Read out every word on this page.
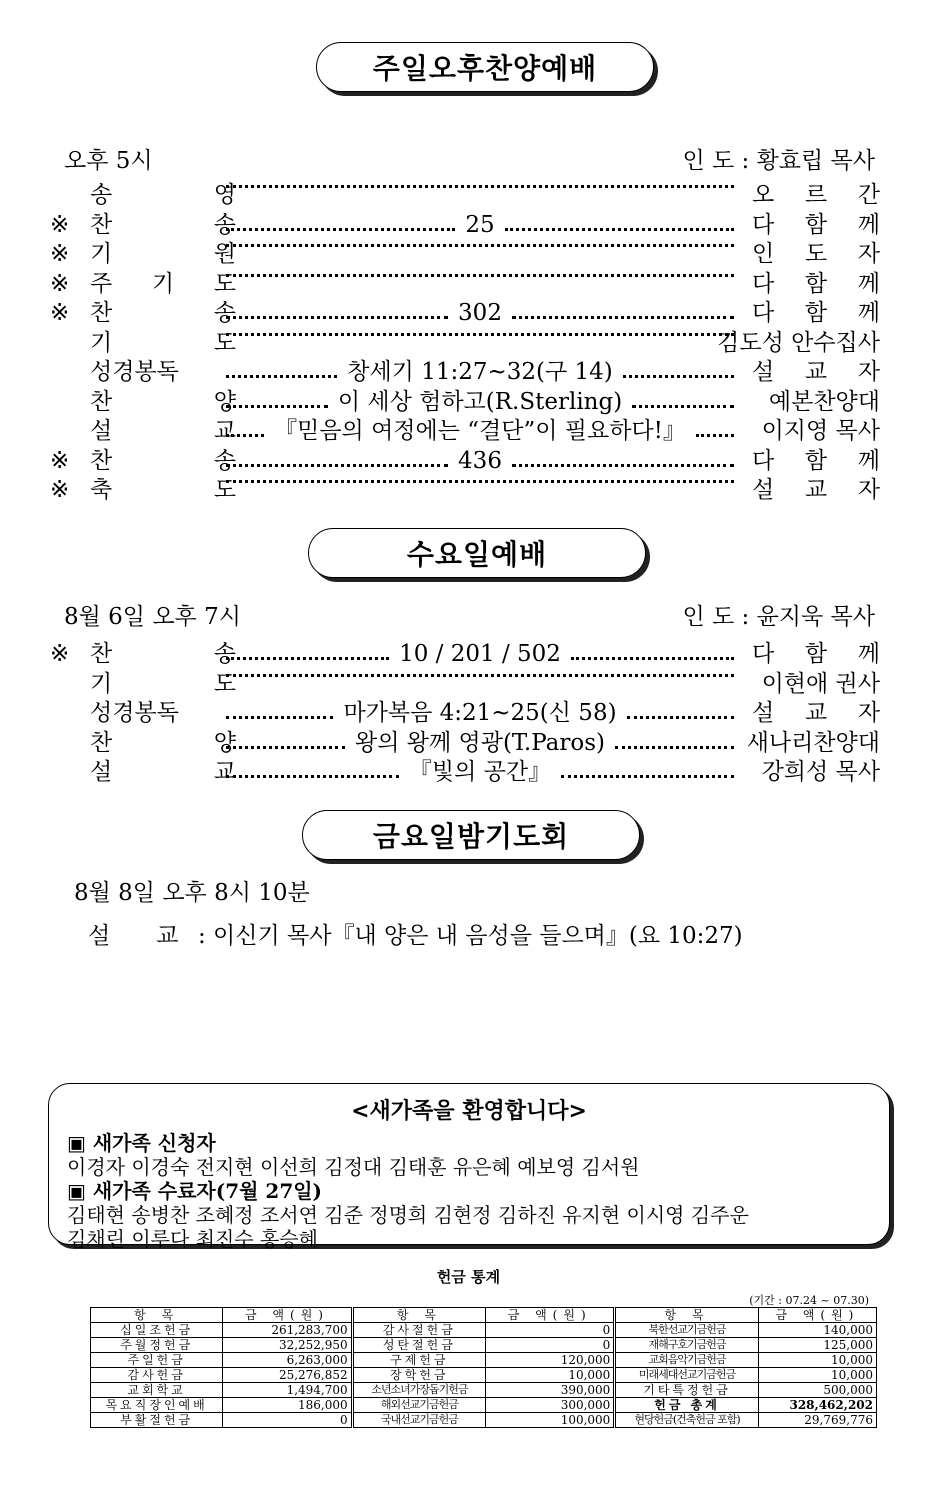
주일오후찬양예배
오후 5시	인 도 : 황효립 목사
송	영	오 르 간
※ 찬	송	25	다 함 께
※ 기	원	인 도 자
※ 주 기 도	다 함 께
※ 찬	송	302	다 함 께
기	도	김도성 안수집사
성 경 봉 독	창세기 11:27~32(구 14)	설 교 자
찬	양	이 세상 험하고(R.Sterling)	예본찬양대
설	교 『믿음의 여정에는 “결단”이 필요하다!』	이지영 목사
※ 찬	송	436	다 함 께
※ 축	도	설 교 자
수요일예배
8월 6일 오후 7시	인 도 : 윤지욱 목사
※ 찬	송	10 / 201 / 502	다 함 께
기	도	이현애 권사
성 경 봉 독	마가복음 4:21~25(신 58)	설 교 자
찬	양	왕의 왕께 영광(T.Paros)	새나리찬양대
설	교	『빛의 공간』	강희성 목사
금요일밤기도회
8월 8일 오후 8시 10분
설　　교 : 이신기 목사『내 양은 내 음성을 들으며』(요 10:27)
<새가족을 환영합니다>
▣ 새가족 신청자
이경자 이경숙 전지현 이선희 김정대 김태훈 유은혜 예보영 김서원
▣ 새가족 수료자(7월 27일)
김태현 송병찬 조혜정 조서연 김준 정명희 김현정 김하진 유지현 이시영 김주운
김채린 이루다 최진수 홍승혜
헌금 통계
(기간 : 07.24 ~ 07.30)
항 목	금 액(원)	항 목	금 액(원)	항 목	금 액(원)
십일조헌금	261,283,700	감사절헌금	0	북한선교기금헌금	140,000
주월정헌금	32,252,950	성탄절헌금	0	재해구호기금헌금	125,000
주일헌금	6,263,000	구제헌금	120,000	교회음악기금헌금	10,000
감사헌금	25,276,852	장학헌금	10,000	미래세대선교기금헌금	10,000
교회학교	1,494,700	소년소녀가장돕기헌금	390,000	기타특정헌금	500,000
목요직장인예배	186,000	해외선교기금헌금	300,000	헌금 총계	328,462,202
부활절헌금	0	국내선교기금헌금	100,000	현당헌금(건축헌금 포함)	29,769,776
